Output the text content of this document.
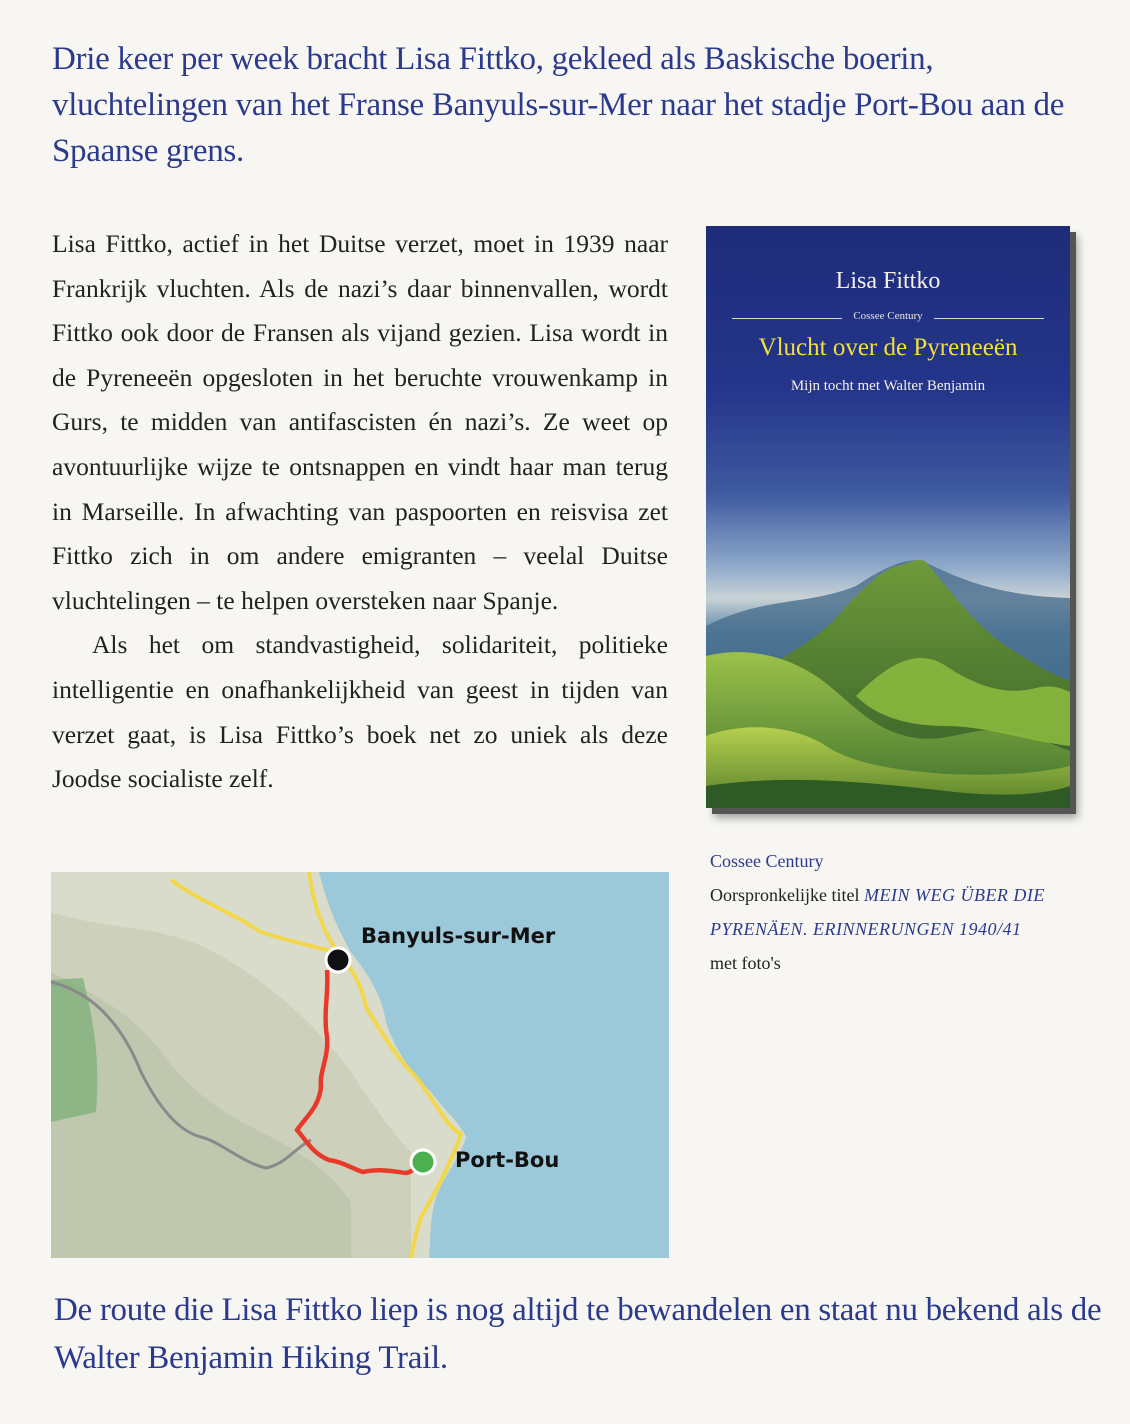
Drie keer per week bracht Lisa Fittko, gekleed als Baskische boerin, vluchtelingen van het Franse Banyuls-sur-Mer naar het stadje Port-Bou aan de Spaanse grens.

Lisa Fittko, actief in het Duitse verzet, moet in 1939 naar Frankrijk vluchten. Als de nazi’s daar binnenvallen, wordt Fittko ook door de Fransen als vijand gezien. Lisa wordt in de Pyreneeën opgesloten in het beruchte vrouwenkamp in Gurs, te midden van antifascisten én nazi’s. Ze weet op avontuurlijke wijze te ontsnappen en vindt haar man terug in Marseille. In afwachting van paspoorten en reisvisa zet Fittko zich in om andere emigranten – veelal Duitse vluchtelingen – te helpen oversteken naar Spanje.

Als het om standvastigheid, solidariteit, politieke intelligentie en onafhankelijkheid van geest in tijden van verzet gaat, is Lisa Fittko’s boek net zo uniek als deze Joodse socialiste zelf.

Lisa Fittko
Cossee Century
Vlucht over de Pyreneeën
Mijn tocht met Walter Benjamin
Cossee Century
Oorspronkelijke titel MEIN WEG ÜBER DIE PYRENÄEN. ERINNERUNGEN 1940/41
met foto's
Banyuls-sur-Mer
Port-Bou

De route die Lisa Fittko liep is nog altijd te bewandelen en staat nu bekend als de Walter Benjamin Hiking Trail.
